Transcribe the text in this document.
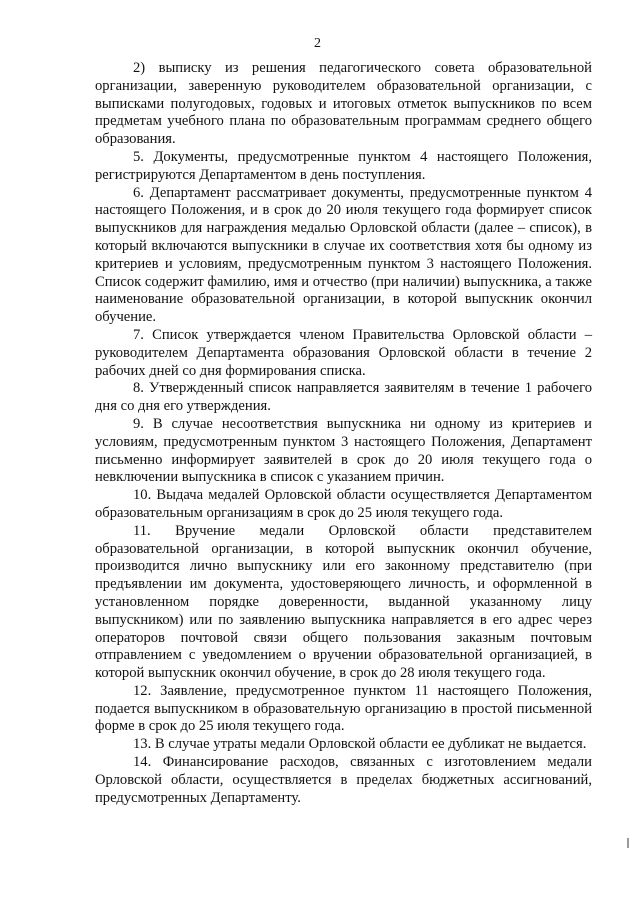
2

2) выписку из решения педагогического совета образовательной организации, заверенную руководителем образовательной организации, с выписками полугодовых, годовых и итоговых отметок выпускников по всем предметам учебного плана по образовательным программам среднего общего образования.

5. Документы, предусмотренные пунктом 4 настоящего Положения, регистрируются Департаментом в день поступления.

6. Департамент рассматривает документы, предусмотренные пунктом 4 настоящего Положения, и в срок до 20 июля текущего года формирует список выпускников для награждения медалью Орловской области (далее – список), в который включаются выпускники в случае их соответствия хотя бы одному из критериев и условиям, предусмотренным пунктом 3 настоящего Положения. Список содержит фамилию, имя и отчество (при наличии) выпускника, а также наименование образовательной организации, в которой выпускник окончил обучение.

7. Список утверждается членом Правительства Орловской области – руководителем Департамента образования Орловской области в течение 2 рабочих дней со дня формирования списка.

8. Утвержденный список направляется заявителям в течение 1 рабочего дня со дня его утверждения.

9. В случае несоответствия выпускника ни одному из критериев и условиям, предусмотренным пунктом 3 настоящего Положения, Департамент письменно информирует заявителей в срок до 20 июля текущего года о невключении выпускника в список с указанием причин.

10. Выдача медалей Орловской области осуществляется Департаментом образовательным организациям в срок до 25 июля текущего года.

11. Вручение медали Орловской области представителем образовательной организации, в которой выпускник окончил обучение, производится лично выпускнику или его законному представителю (при предъявлении им документа, удостоверяющего личность, и оформленной в установленном порядке доверенности, выданной указанному лицу выпускником) или по заявлению выпускника направляется в его адрес через операторов почтовой связи общего пользования заказным почтовым отправлением с уведомлением о вручении образовательной организацией, в которой выпускник окончил обучение, в срок до 28 июля текущего года.

12. Заявление, предусмотренное пунктом 11 настоящего Положения, подается выпускником в образовательную организацию в простой письменной форме в срок до 25 июля текущего года.

13. В случае утраты медали Орловской области ее дубликат не выдается.

14. Финансирование расходов, связанных с изготовлением медали Орловской области, осуществляется в пределах бюджетных ассигнований, предусмотренных Департаменту.
